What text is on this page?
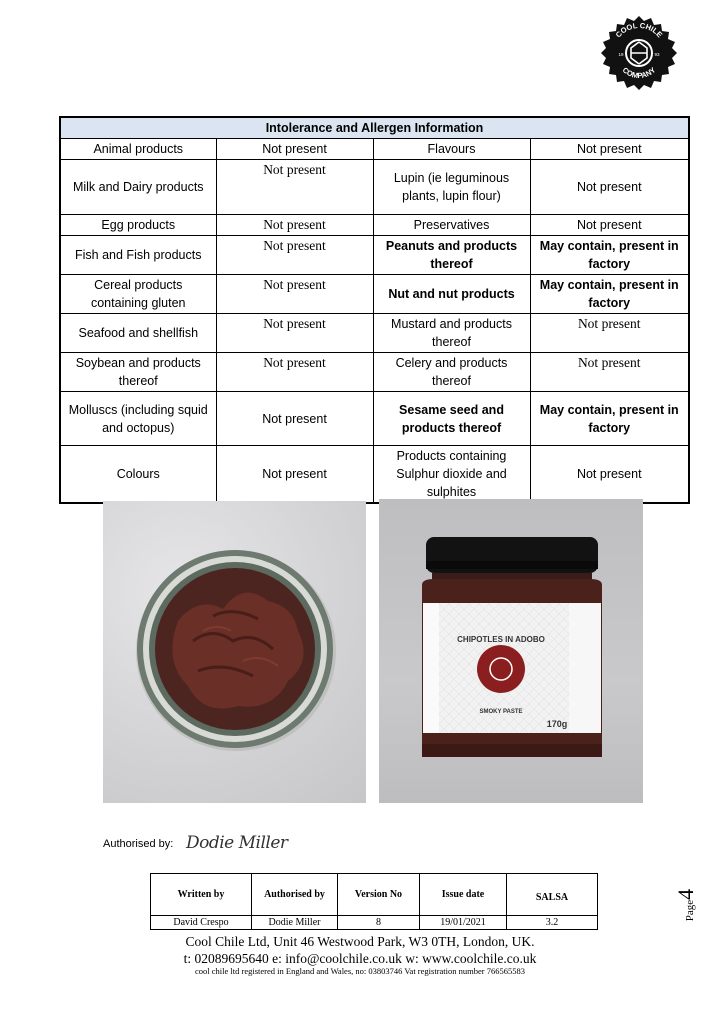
COOL CHILE
COMPANY
19	93
Intolerance and Allergen Information			
Animal products	Not present	Flavours	Not present
Milk and Dairy products	Not present	Lupin (ie leguminous plants, lupin flour)	Not present
Egg products	Not present	Preservatives	Not present
Fish and Fish products	Not present	Peanuts and products thereof	May contain, present in factory
Cereal products containing gluten	Not present	Nut and nut products	May contain, present in factory
Seafood and shellfish	Not present	Mustard and products thereof	Not present
Soybean and products thereof	Not present	Celery and products thereof	Not present
Molluscs (including squid and octopus)	Not present	Sesame seed and products thereof	May contain, present in factory
Colours	Not present	Products containing Sulphur dioxide and sulphites	Not present
CHIPOTLES IN ADOBO
SMOKY PASTE
170g
Authorised by: Dodie Miller
Written by	Authorised by	Version No	Issue date	SALSA
David Crespo	Dodie Miller	8	19/01/2021	3.2
Page
4
Cool Chile Ltd, Unit 46 Westwood Park, W3 0TH, London, UK.
t: 02089695640 e: info@coolchile.co.uk w: www.coolchile.co.uk
cool chile ltd registered in England and Wales, no: 03803746 Vat registration number 766565583
